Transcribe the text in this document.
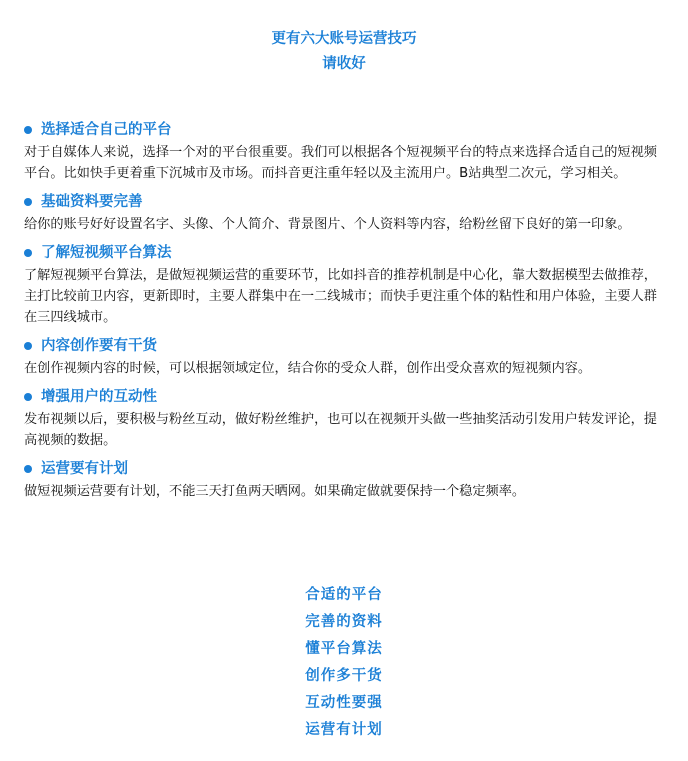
更有六大账号运营技巧
请收好
选择适合自己的平台
对于自媒体人来说，选择一个对的平台很重要。我们可以根据各个短视频平台的特点来选择合适自己的短视频平台。比如快手更着重下沉城市及市场。而抖音更注重年轻以及主流用户。B站典型二次元，学习相关。
基础资料要完善
给你的账号好好设置名字、头像、个人简介、背景图片、个人资料等内容，给粉丝留下良好的第一印象。
了解短视频平台算法
了解短视频平台算法，是做短视频运营的重要环节，比如抖音的推荐机制是中心化，靠大数据模型去做推荐，主打比较前卫内容，更新即时，主要人群集中在一二线城市；而快手更注重个体的粘性和用户体验，主要人群在三四线城市。
内容创作要有干货
在创作视频内容的时候，可以根据领域定位，结合你的受众人群，创作出受众喜欢的短视频内容。
增强用户的互动性
发布视频以后，要积极与粉丝互动，做好粉丝维护，也可以在视频开头做一些抽奖活动引发用户转发评论，提高视频的数据。
运营要有计划
做短视频运营要有计划，不能三天打鱼两天晒网。如果确定做就要保持一个稳定频率。
合适的平台
完善的资料
懂平台算法
创作多干货
互动性要强
运营有计划
